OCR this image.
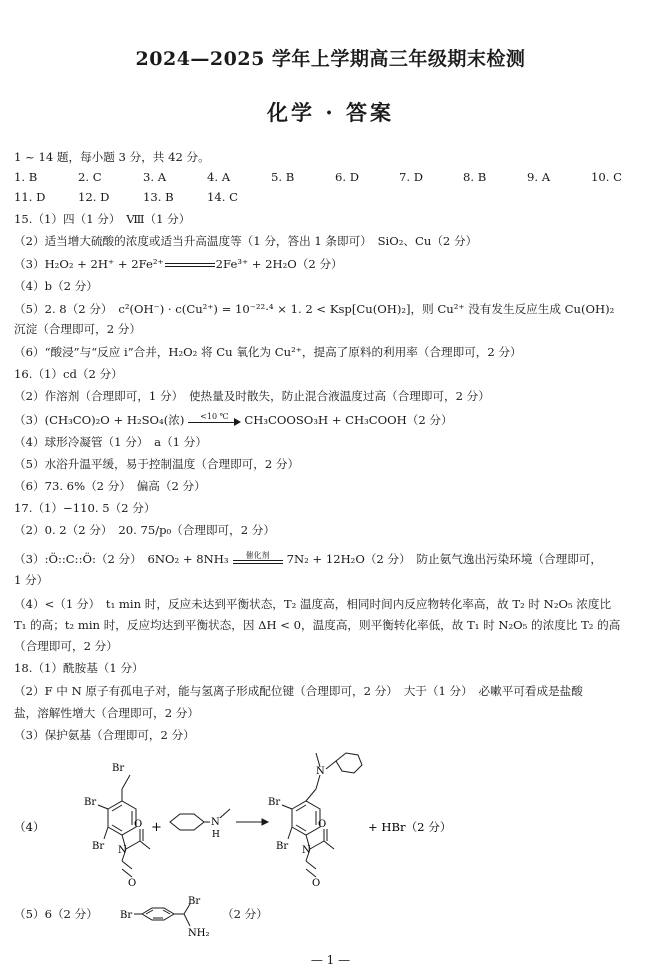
2024—2025 学年上学期高三年级期末检测
化学 · 答案
1 ~ 14 题，每小题 3 分，共 42 分。
1. B	2. C	3. A	4. A	5. B	6. D	7. D	8. B	9. A	10. C
11. D	12. D	13. B	14. C
15.（1）四（1 分）　Ⅷ（1 分）
（2）适当增大硫酸的浓度或适当升高温度等（1 分，答出 1 条即可）　SiO₂、Cu（2 分）
（3）H₂O₂ + 2H⁺ + 2Fe²⁺	2Fe³⁺ + 2H₂O（2 分）
（4）b（2 分）
（5）2. 8（2 分）　c²(OH⁻) · c(Cu²⁺) = 10⁻²²·⁴ × 1. 2 < Ksp[Cu(OH)₂]，则 Cu²⁺ 没有发生反应生成 Cu(OH)₂
沉淀（合理即可，2 分）
（6）“酸浸”与“反应 ⅰ”合并，H₂O₂ 将 Cu 氧化为 Cu²⁺，提高了原料的利用率（合理即可，2 分）
16.（1）cd（2 分）
（2）作溶剂（合理即可，1 分）　使热量及时散失，防止混合液温度过高（合理即可，2 分）
（3）(CH₃CO)₂O + H₂SO₄(浓)	<10 ℃	CH₃COOSO₃H + CH₃COOH（2 分）
（4）球形冷凝管（1 分）　a（1 分）
（5）水浴升温平缓，易于控制温度（合理即可，2 分）
（6）73. 6%（2 分）　偏高（2 分）
17.（1）−110. 5（2 分）
（2）0. 2（2 分）　20. 75/p₀（合理即可，2 分）
（3）:Ö::C::Ö:（2 分）　6NO₂ + 8NH₃	催化剂	7N₂ + 12H₂O（2 分）　防止氨气逸出污染环境（合理即可，
1 分）
（4）<（1 分）　t₁ min 时，反应未达到平衡状态，T₂ 温度高，相同时间内反应物转化率高，故 T₂ 时 N₂O₅ 浓度比
T₁ 的高；t₂ min 时，反应均达到平衡状态，因 ΔH < 0，温度高，则平衡转化率低，故 T₁ 时 N₂O₅ 的浓度比 T₂ 的高
（合理即可，2 分）
18.（1）酰胺基（1 分）
（2）F 中 N 原子有孤电子对，能与氢离子形成配位键（合理即可，2 分）　大于（1 分）　必嗽平可看成是盐酸
盐，溶解性增大（合理即可，2 分）
（3）保护氨基（合理即可，2 分）
（4）
Br
Br
Br N
O
O
+	N
H
N
Br
Br N
O
O
+ HBr（2 分）
（5）6（2 分） Br
Br
NH₂
（2 分）
— 1 —
